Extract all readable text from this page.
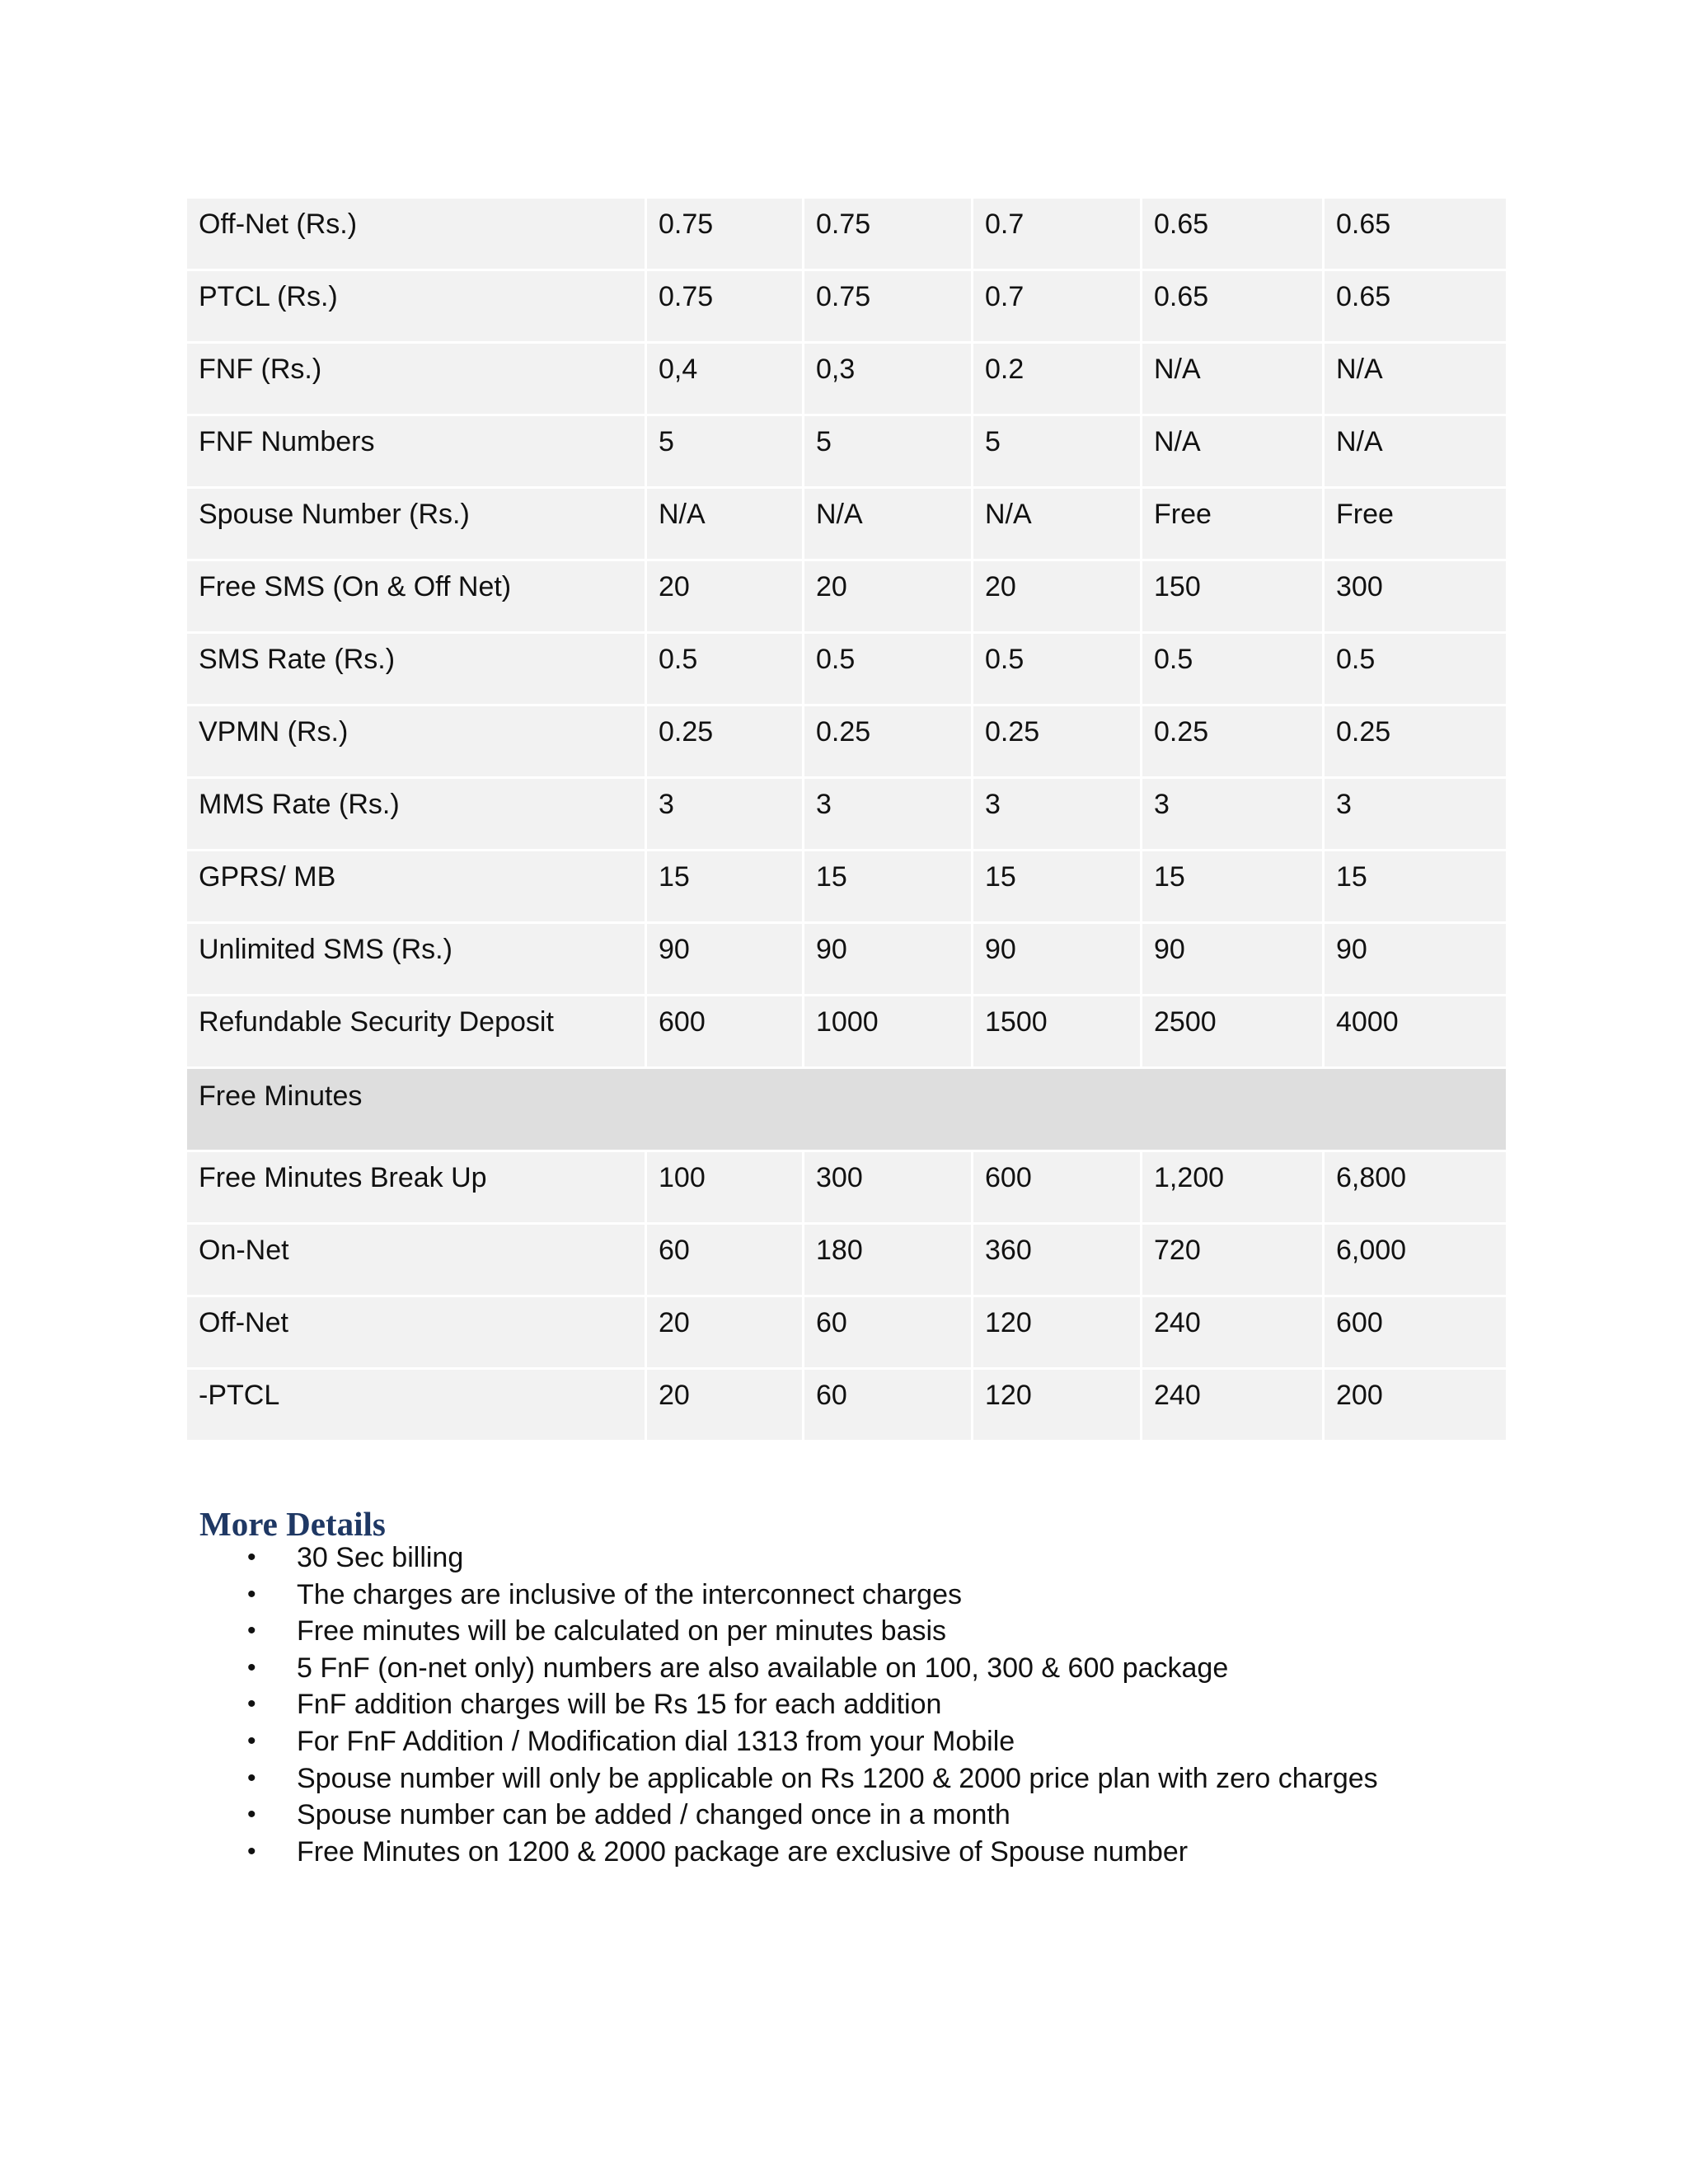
Off-Net (Rs.)	0.75	0.75	0.7	0.65	0.65
PTCL (Rs.)	0.75	0.75	0.7	0.65	0.65
FNF (Rs.)	0,4	0,3	0.2	N/A	N/A
FNF Numbers	5	5	5	N/A	N/A
Spouse Number (Rs.)	N/A	N/A	N/A	Free	Free
Free SMS (On & Off Net)	20	20	20	150	300
SMS Rate (Rs.)	0.5	0.5	0.5	0.5	0.5
VPMN (Rs.)	0.25	0.25	0.25	0.25	0.25
MMS Rate (Rs.)	3	3	3	3	3
GPRS/ MB	15	15	15	15	15
Unlimited SMS (Rs.)	90	90	90	90	90
Refundable Security Deposit	600	1000	1500	2500	4000
Free Minutes					
Free Minutes Break Up	100	300	600	1,200	6,800
On-Net	60	180	360	720	6,000
Off-Net	20	60	120	240	600
-PTCL	20	60	120	240	200
More Details
• 30 Sec billing
• The charges are inclusive of the interconnect charges
• Free minutes will be calculated on per minutes basis
• 5 FnF (on-net only) numbers are also available on 100, 300 & 600 package
• FnF addition charges will be Rs 15 for each addition
• For FnF Addition / Modification dial 1313 from your Mobile
• Spouse number will only be applicable on Rs 1200 & 2000 price plan with zero charges
• Spouse number can be added / changed once in a month
• Free Minutes on 1200 & 2000 package are exclusive of Spouse number
